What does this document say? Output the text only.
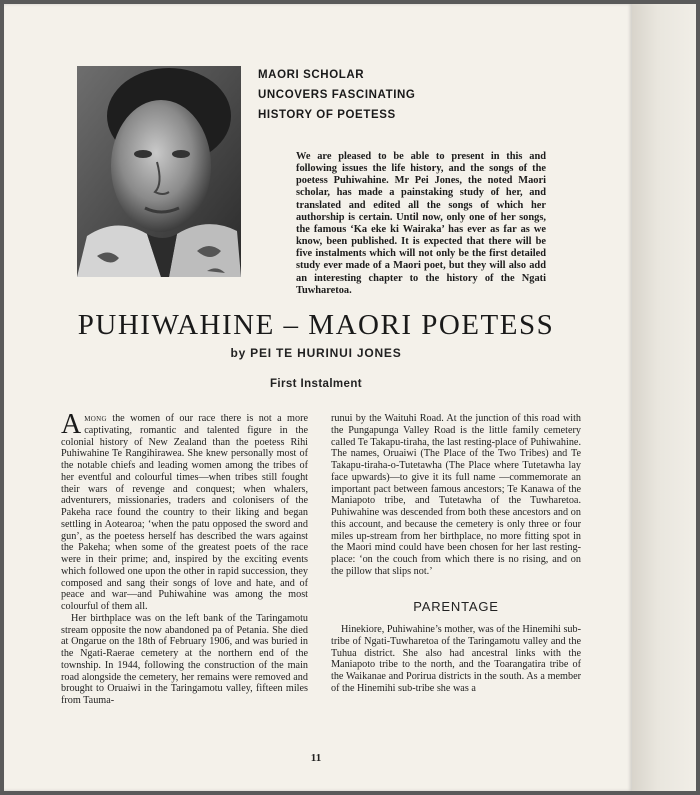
MAORI SCHOLAR
UNCOVERS FASCINATING
HISTORY OF POETESS
We are pleased to be able to present in this and following issues the life history, and the songs of the poetess Puhiwahine. Mr Pei Jones, the noted Maori scholar, has made a painstaking study of her, and translated and edited all the songs of which her authorship is certain. Until now, only one of her songs, the famous ‘Ka eke ki Wairaka’ has ever as far as we know, been published. It is expected that there will be five instalments which will not only be the first detailed study ever made of a Maori poet, but they will also add an interesting chapter to the history of the Ngati Tuwharetoa.
PUHIWAHINE – MAORI POETESS
by PEI TE HURINUI JONES
First Instalment

Among the women of our race there is not a more captivating, romantic and talented figure in the colonial history of New Zealand than the poetess Rihi Puhiwahine Te Rangihirawea. She knew personally most of the notable chiefs and leading women among the tribes of her eventful and colourful times—when tribes still fought their wars of revenge and conquest; when whalers, adventurers, missionaries, traders and colonisers of the Pakeha race found the country to their liking and began settling in Aotearoa; ‘when the patu opposed the sword and gun’, as the poetess herself has described the wars against the Pakeha; when some of the greatest poets of the race were in their prime; and, inspired by the exciting events which followed one upon the other in rapid succession, they composed and sang their songs of love and hate, and of peace and war—and Puhiwahine was among the most colourful of them all.

Her birthplace was on the left bank of the Taringamotu stream opposite the now abandoned pa of Petania. She died at Ongarue on the 18th of February 1906, and was buried in the Ngati-Raerae cemetery at the northern end of the township. In 1944, following the construction of the main road alongside the cemetery, her remains were removed and brought to Oruaiwi in the Taringamotu valley, fifteen miles from Tauma-

runui by the Waituhi Road. At the junction of this road with the Pungapunga Valley Road is the little family cemetery called Te Takapu-tiraha, the last resting-place of Puhiwahine. The names, Oruaiwi (The Place of the Two Tribes) and Te Takapu-tiraha-o-Tutetawha (The Place where Tutetawha lay face upwards)—to give it its full name —commemorate an important pact between famous ancestors; Te Kanawa of the Maniapoto tribe, and Tutetawha of the Tuwharetoa. Puhiwahine was descended from both these ancestors and on this account, and because the cemetery is only three or four miles up-stream from her birthplace, no more fitting spot in the Maori mind could have been chosen for her last resting-place: ‘on the couch from which there is no rising, and on the pillow that slips not.’

PARENTAGE

Hinekiore, Puhiwahine’s mother, was of the Hinemihi sub-tribe of Ngati-Tuwharetoa of the Taringamotu valley and the Tuhua district. She also had ancestral links with the Maniapoto tribe to the north, and the Toarangatira tribe of the Waikanae and Porirua districts in the south. As a member of the Hinemihi sub-tribe she was a

11
